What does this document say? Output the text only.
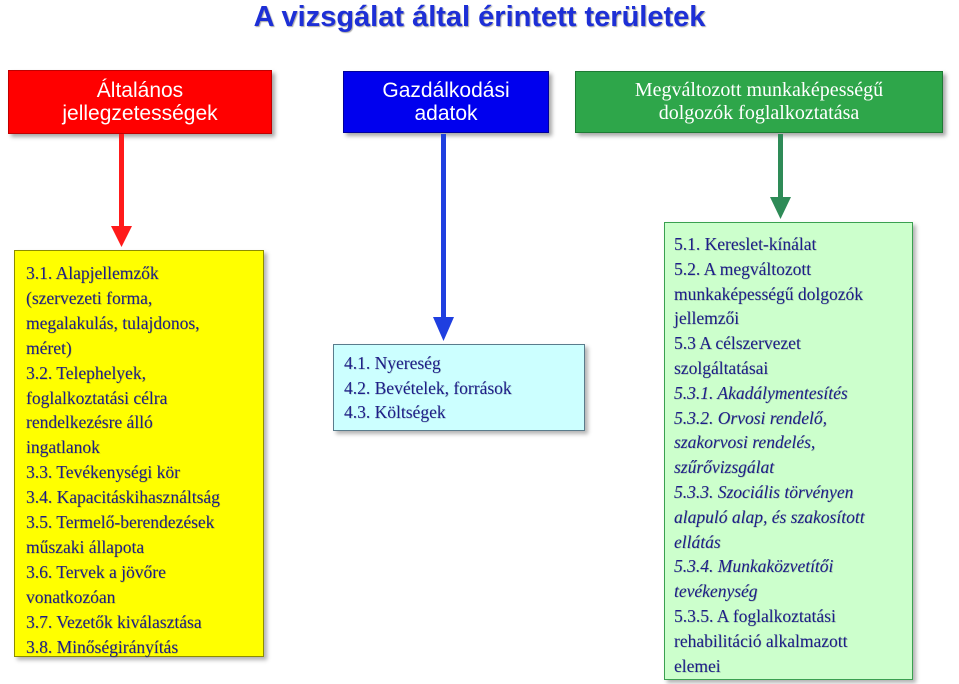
A vizsgálat által érintett területek
Általános
jellegzetességek
Gazdálkodási
adatok
Megváltozott munkaképességű
dolgozók foglalkoztatása
3.1. Alapjellemzők
(szervezeti forma,
megalakulás, tulajdonos,
méret)
3.2. Telephelyek,
foglalkoztatási célra
rendelkezésre álló
ingatlanok
3.3. Tevékenységi kör
3.4. Kapacitáskihasználtság
3.5. Termelő-berendezések
műszaki állapota
3.6. Tervek a jövőre
vonatkozóan
3.7. Vezetők kiválasztása
3.8. Minőségirányítás
4.1. Nyereség
4.2. Bevételek, források
4.3. Költségek
5.1. Kereslet-kínálat
5.2. A megváltozott
munkaképességű dolgozók
jellemzői
5.3 A célszervezet
szolgáltatásai
5.3.1. Akadálymentesítés
5.3.2. Orvosi rendelő,
szakorvosi rendelés,
szűrővizsgálat
5.3.3. Szociális törvényen
alapuló alap, és szakosított
ellátás
5.3.4. Munkaközvetítői
tevékenység
5.3.5. A foglalkoztatási
rehabilitáció alkalmazott
elemei
